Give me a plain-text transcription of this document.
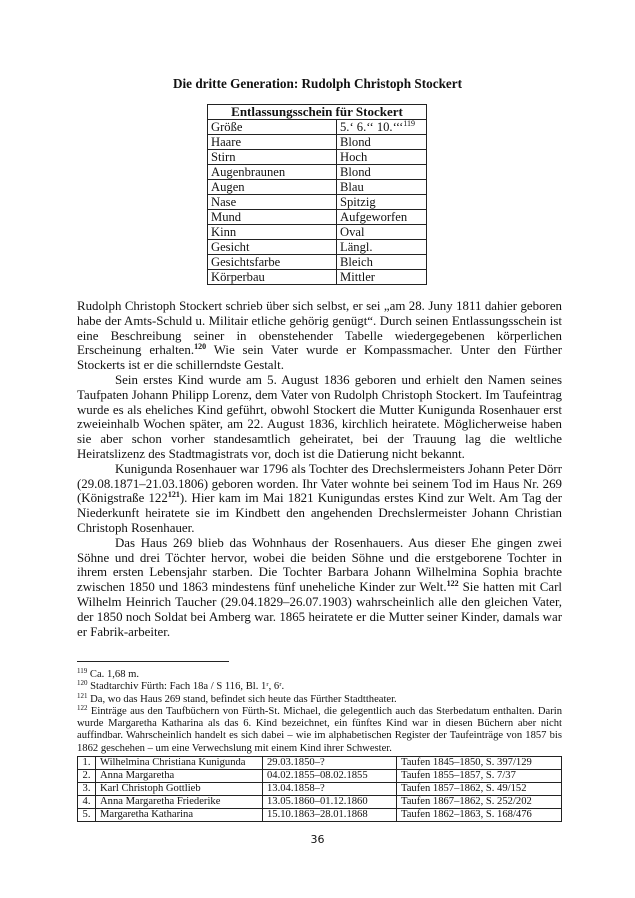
Die dritte Generation: Rudolph Christoph Stockert
Entlassungsschein für Stockert	
Größe	5.‘ 6.‘‘ 10.‘‘‘$^{119}$
Haare	Blond
Stirn	Hoch
Augenbraunen	Blond
Augen	Blau
Nase	Spitzig
Mund	Aufgeworfen
Kinn	Oval
Gesicht	Längl.
Gesichtsfarbe	Bleich
Körperbau	Mittler

Rudolph Christoph Stockert schrieb über sich selbst, er sei „am 28. Juny 1811 dahier geboren habe der Amts-Schuld u. Militair etliche gehörig genügt“. Durch seinen Entlassungsschein ist eine Beschreibung seiner in obenstehender Tabelle wiedergegebenen körperlichen Erscheinung erhalten.$^{120}$ Wie sein Vater wurde er Kompassmacher. Unter den Fürther Stockerts ist er die schillerndste Gestalt.

Sein erstes Kind wurde am 5. August 1836 geboren und erhielt den Namen seines Taufpaten Johann Philipp Lorenz, dem Vater von Rudolph Christoph Stockert. Im Taufeintrag wurde es als eheliches Kind geführt, obwohl Stockert die Mutter Kunigunda Rosenhauer erst zweieinhalb Wochen später, am 22. August 1836, kirchlich heiratete. Möglicherweise haben sie aber schon vorher standesamtlich geheiratet, bei der Trauung lag die weltliche Heiratslizenz des Stadtmagistrats vor, doch ist die Datierung nicht bekannt.

Kunigunda Rosenhauer war 1796 als Tochter des Drechslermeisters Johann Peter Dörr (29.08.1871–21.03.1806) geboren worden. Ihr Vater wohnte bei seinem Tod im Haus Nr. 269 (Königstraße $122^{121}$). Hier kam im Mai 1821 Kunigundas erstes Kind zur Welt. Am Tag der Niederkunft heiratete sie im Kindbett den angehenden Drechslermeister Johann Christian Christoph Rosenhauer.

Das Haus 269 blieb das Wohnhaus der Rosenhauers. Aus dieser Ehe gingen zwei Söhne und drei Töchter hervor, wobei die beiden Söhne und die erstgeborene Tochter in ihrem ersten Lebensjahr starben. Die Tochter Barbara Johann Wilhelmina Sophia brachte zwischen 1850 und 1863 mindestens fünf uneheliche Kinder zur Welt.$^{122}$ Sie hatten mit Carl Wilhelm Heinrich Taucher (29.04.1829–26.07.1903) wahrscheinlich alle den gleichen Vater, der 1850 noch Soldat bei Amberg war. 1865 heiratete er die Mutter seiner Kinder, damals war er Fabrik-arbeiter.

$^{119}$ Ca. 1,68 m.

$^{120}$ Stadtarchiv Fürth: Fach 18a / S 116, Bl. 1ʳ, 6ʳ.

$^{121}$ Da, wo das Haus 269 stand, befindet sich heute das Fürther Stadttheater.

$^{122}$ Einträge aus den Taufbüchern von Fürth-St. Michael, die gelegentlich auch das Sterbedatum enthalten. Darin wurde Margaretha Katharina als das 6. Kind bezeichnet, ein fünftes Kind war in diesen Büchern aber nicht auffindbar. Wahrscheinlich handelt es sich dabei – wie im alphabetischen Register der Taufeinträge von 1857 bis 1862 geschehen – um eine Verwechslung mit einem Kind ihrer Schwester.

1.	Wilhelmina Christiana Kunigunda	29.03.1850–?	Taufen 1845–1850, S. 397/129
2.	Anna Margaretha	04.02.1855–08.02.1855	Taufen 1855–1857, S. 7/37
3.	Karl Christoph Gottlieb	13.04.1858–?	Taufen 1857–1862, S. 49/152
4.	Anna Margaretha Friederike	13.05.1860–01.12.1860	Taufen 1867–1862, S. 252/202
5.	Margaretha Katharina	15.10.1863–28.01.1868	Taufen 1862–1863, S. 168/476
36
